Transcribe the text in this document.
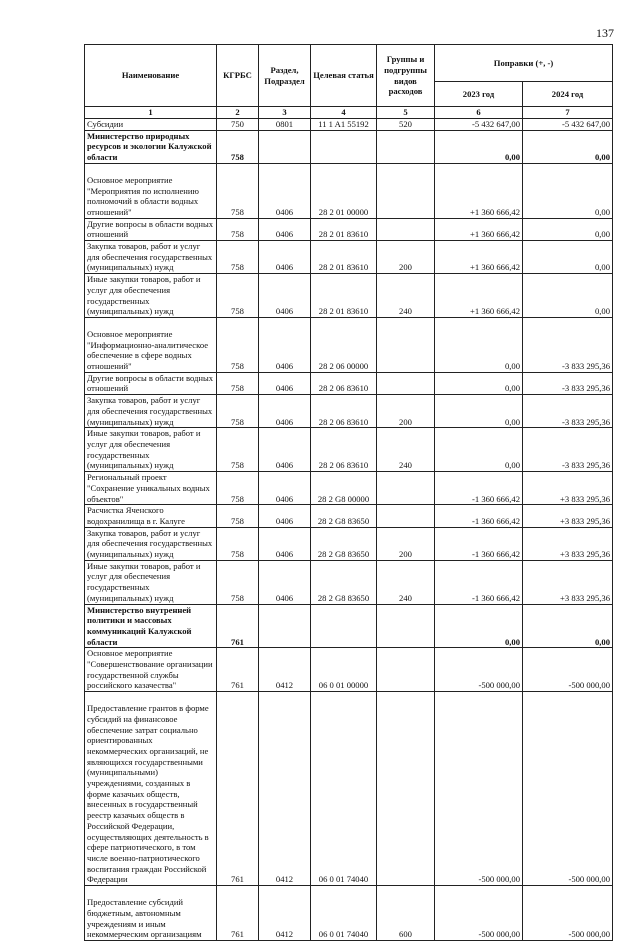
137
Наименование	КГРБС	Раздел, Подраздел	Целевая статья	Группы и подгруппы видов расходов	Поправки (+, -)	
					2023 год	2024 год
1	2	3	4	5	6	7
Субсидии	750	0801	11 1 A1 55192	520	-5 432 647,00	-5 432 647,00
Министерство природных ресурсов и экологии Калужской области	758				0,00	0,00
Основное мероприятие "Мероприятия по исполнению полномочий в области водных отношений"	758	0406	28 2 01 00000		+1 360 666,42	0,00
Другие вопросы в области водных отношений	758	0406	28 2 01 83610		+1 360 666,42	0,00
Закупка товаров, работ и услуг для обеспечения государственных (муниципальных) нужд	758	0406	28 2 01 83610	200	+1 360 666,42	0,00
Иные закупки товаров, работ и услуг для обеспечения государственных (муниципальных) нужд	758	0406	28 2 01 83610	240	+1 360 666,42	0,00
Основное мероприятие "Информационно-аналитическое обеспечение в сфере водных отношений"	758	0406	28 2 06 00000		0,00	-3 833 295,36
Другие вопросы в области водных отношений	758	0406	28 2 06 83610		0,00	-3 833 295,36
Закупка товаров, работ и услуг для обеспечения государственных (муниципальных) нужд	758	0406	28 2 06 83610	200	0,00	-3 833 295,36
Иные закупки товаров, работ и услуг для обеспечения государственных (муниципальных) нужд	758	0406	28 2 06 83610	240	0,00	-3 833 295,36
Региональный проект "Сохранение уникальных водных объектов"	758	0406	28 2 G8 00000		-1 360 666,42	+3 833 295,36
Расчистка Яченского водохранилища в г. Калуге	758	0406	28 2 G8 83650		-1 360 666,42	+3 833 295,36
Закупка товаров, работ и услуг для обеспечения государственных (муниципальных) нужд	758	0406	28 2 G8 83650	200	-1 360 666,42	+3 833 295,36
Иные закупки товаров, работ и услуг для обеспечения государственных (муниципальных) нужд	758	0406	28 2 G8 83650	240	-1 360 666,42	+3 833 295,36
Министерство внутренней политики и массовых коммуникаций Калужской области	761				0,00	0,00
Основное мероприятие "Совершенствование организации государственной службы российского казачества"	761	0412	06 0 01 00000		-500 000,00	-500 000,00
Предоставление грантов в форме субсидий на финансовое обеспечение затрат социально ориентированных некоммерческих организаций, не являющихся государственными (муниципальными) учреждениями, созданных в форме казачьих обществ, внесенных в государственный реестр казачьих обществ в Российской Федерации, осуществляющих деятельность в сфере патриотического, в том числе военно-патриотического воспитания граждан Российской Федерации	761	0412	06 0 01 74040		-500 000,00	-500 000,00
Предоставление субсидий бюджетным, автономным учреждениям и иным некоммерческим организациям	761	0412	06 0 01 74040	600	-500 000,00	-500 000,00
